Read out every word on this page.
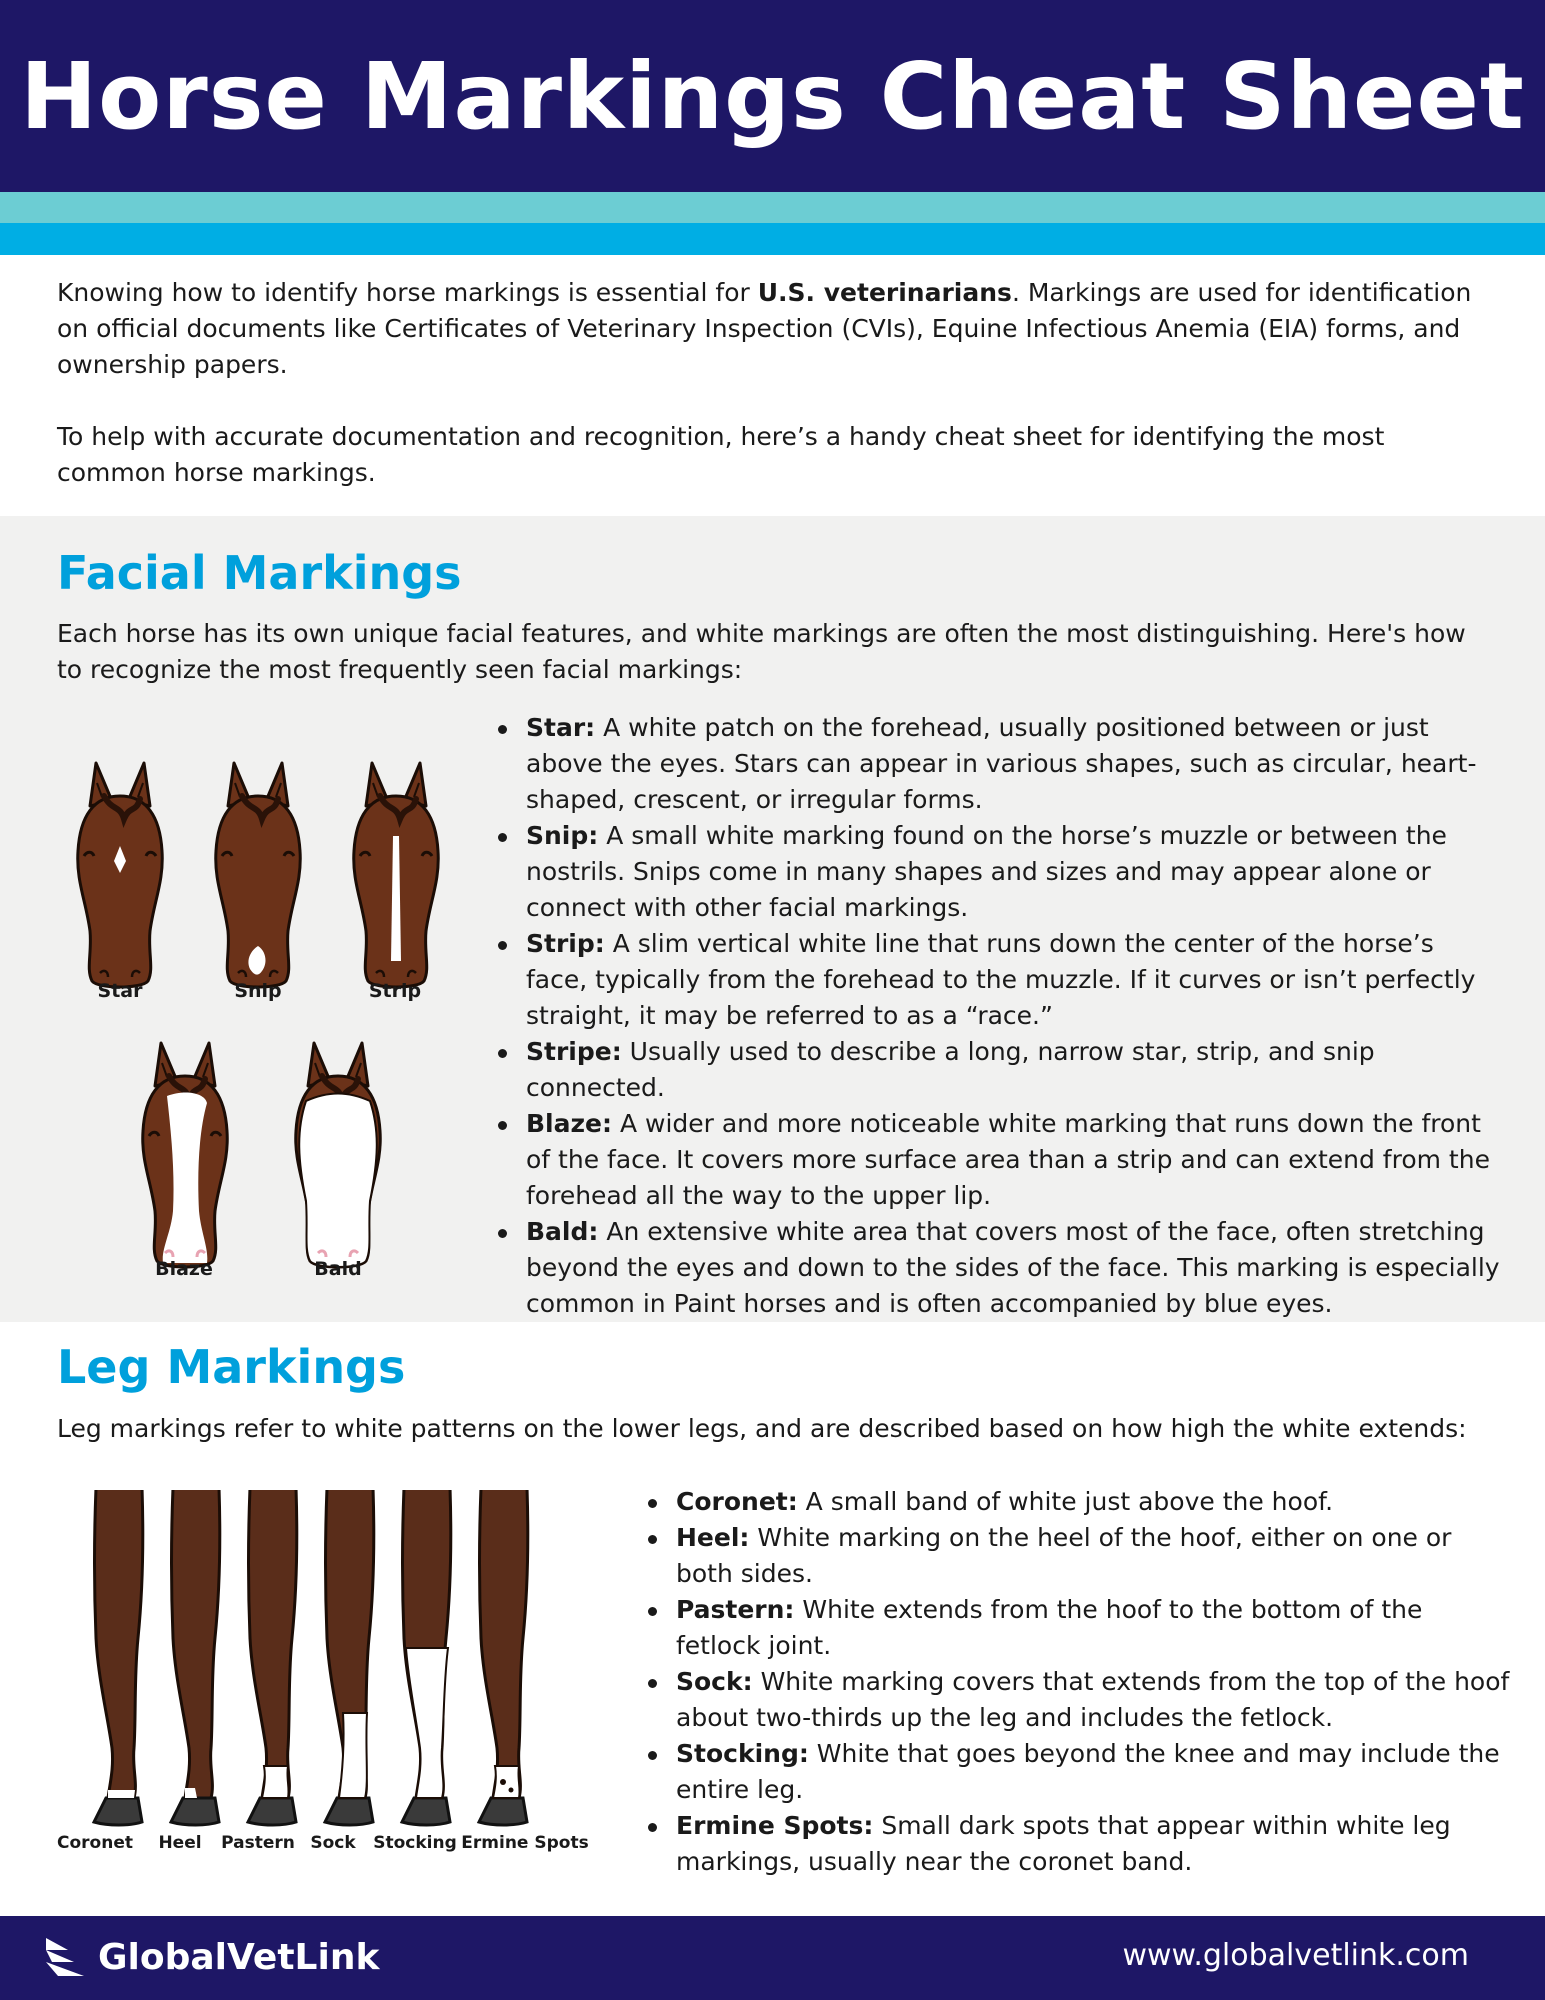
Horse Markings Cheat Sheet

Knowing how to identify horse markings is essential for U.S. veterinarians. Markings are used for identification on official documents like Certificates of Veterinary Inspection (CVIs), Equine Infectious Anemia (EIA) forms, and ownership papers.

To help with accurate documentation and recognition, here’s a handy cheat sheet for identifying the most common horse markings.

Facial Markings

Each horse has its own unique facial features, and white markings are often the most distinguishing. Here's how to recognize the most frequently seen facial markings:

Star	Snip	Strip
Blaze	Bald
Star: A white patch on the forehead, usually positioned between or just above the eyes. Stars can appear in various shapes, such as circular, heart-shaped, crescent, or irregular forms.
Snip: A small white marking found on the horse’s muzzle or between the nostrils. Snips come in many shapes and sizes and may appear alone or connect with other facial markings.
Strip: A slim vertical white line that runs down the center of the horse’s face, typically from the forehead to the muzzle. If it curves or isn’t perfectly straight, it may be referred to as a “race.”
Stripe: Usually used to describe a long, narrow star, strip, and snip connected.
Blaze: A wider and more noticeable white marking that runs down the front of the face. It covers more surface area than a strip and can extend from the forehead all the way to the upper lip.
Bald: An extensive white area that covers most of the face, often stretching beyond the eyes and down to the sides of the face. This marking is especially common in Paint horses and is often accompanied by blue eyes.
Leg Markings

Leg markings refer to white patterns on the lower legs, and are described based on how high the white extends:

Coronet Heel Pastern Sock Stocking Ermine Spots
Coronet: A small band of white just above the hoof.
Heel: White marking on the heel of the hoof, either on one or both sides.
Pastern: White extends from the hoof to the bottom of the fetlock joint.
Sock: White marking covers that extends from the top of the hoof about two-thirds up the leg and includes the fetlock.
Stocking: White that goes beyond the knee and may include the entire leg.
Ermine Spots: Small dark spots that appear within white leg markings, usually near the coronet band.
GlobalVetLink	www.globalvetlink.com
